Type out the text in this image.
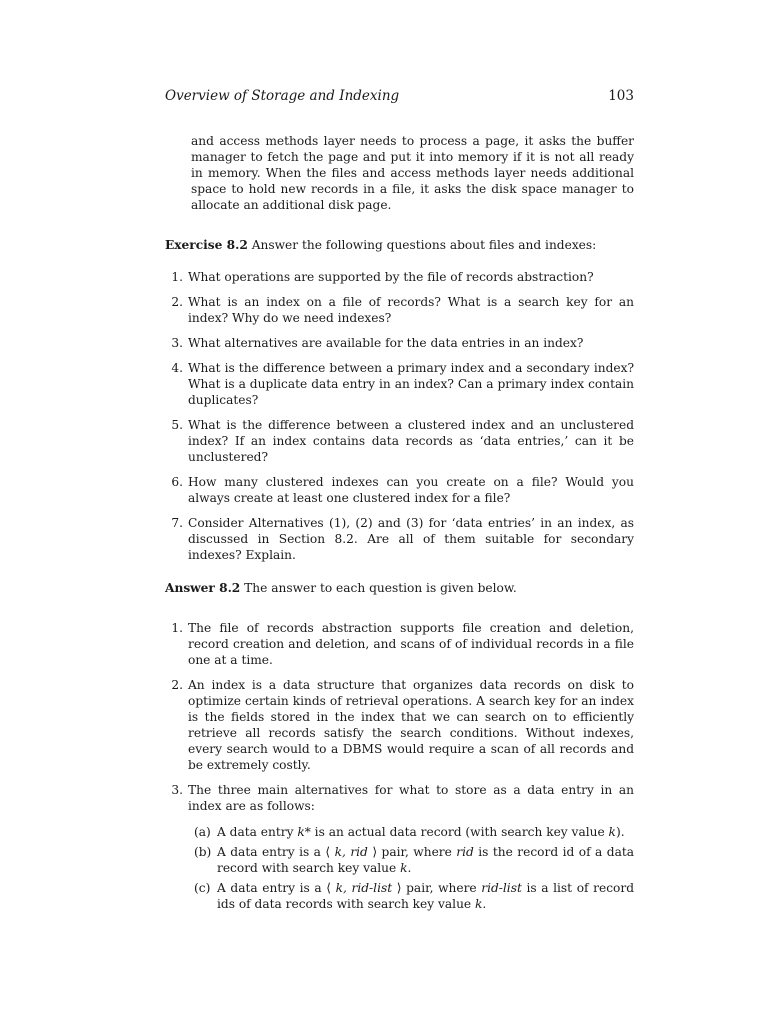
Overview of Storage and Indexing	103

and access methods layer needs to process a page, it asks the buffer manager to fetch the page and put it into memory if it is not all ready in memory. When the files and access methods layer needs additional space to hold new records in a file, it asks the disk space manager to allocate an additional disk page.

Exercise 8.2 Answer the following questions about files and indexes:

1. What operations are supported by the file of records abstraction?
2. What is an index on a file of records? What is a search key for an index? Why do we need indexes?
3. What alternatives are available for the data entries in an index?
4. What is the difference between a primary index and a secondary index? What is a duplicate data entry in an index? Can a primary index contain duplicates?
5. What is the difference between a clustered index and an unclustered index? If an index contains data records as ‘data entries,’ can it be unclustered?
6. How many clustered indexes can you create on a file? Would you always create at least one clustered index for a file?
7. Consider Alternatives (1), (2) and (3) for ‘data entries’ in an index, as discussed in Section 8.2. Are all of them suitable for secondary indexes? Explain.

Answer 8.2 The answer to each question is given below.

1. The file of records abstraction supports file creation and deletion, record creation and deletion, and scans of of individual records in a file one at a time.
2. An index is a data structure that organizes data records on disk to optimize certain kinds of retrieval operations. A search key for an index is the fields stored in the index that we can search on to efficiently retrieve all records satisfy the search conditions. Without indexes, every search would to a DBMS would require a scan of all records and be extremely costly.
3. The three main alternatives for what to store as a data entry in an index are as follows:
(a) A data entry k* is an actual data record (with search key value k).
(b) A data entry is a ⟨ k, rid ⟩ pair, where rid is the record id of a data record with search key value k.
(c) A data entry is a ⟨ k, rid-list ⟩ pair, where rid-list is a list of record ids of data records with search key value k.
